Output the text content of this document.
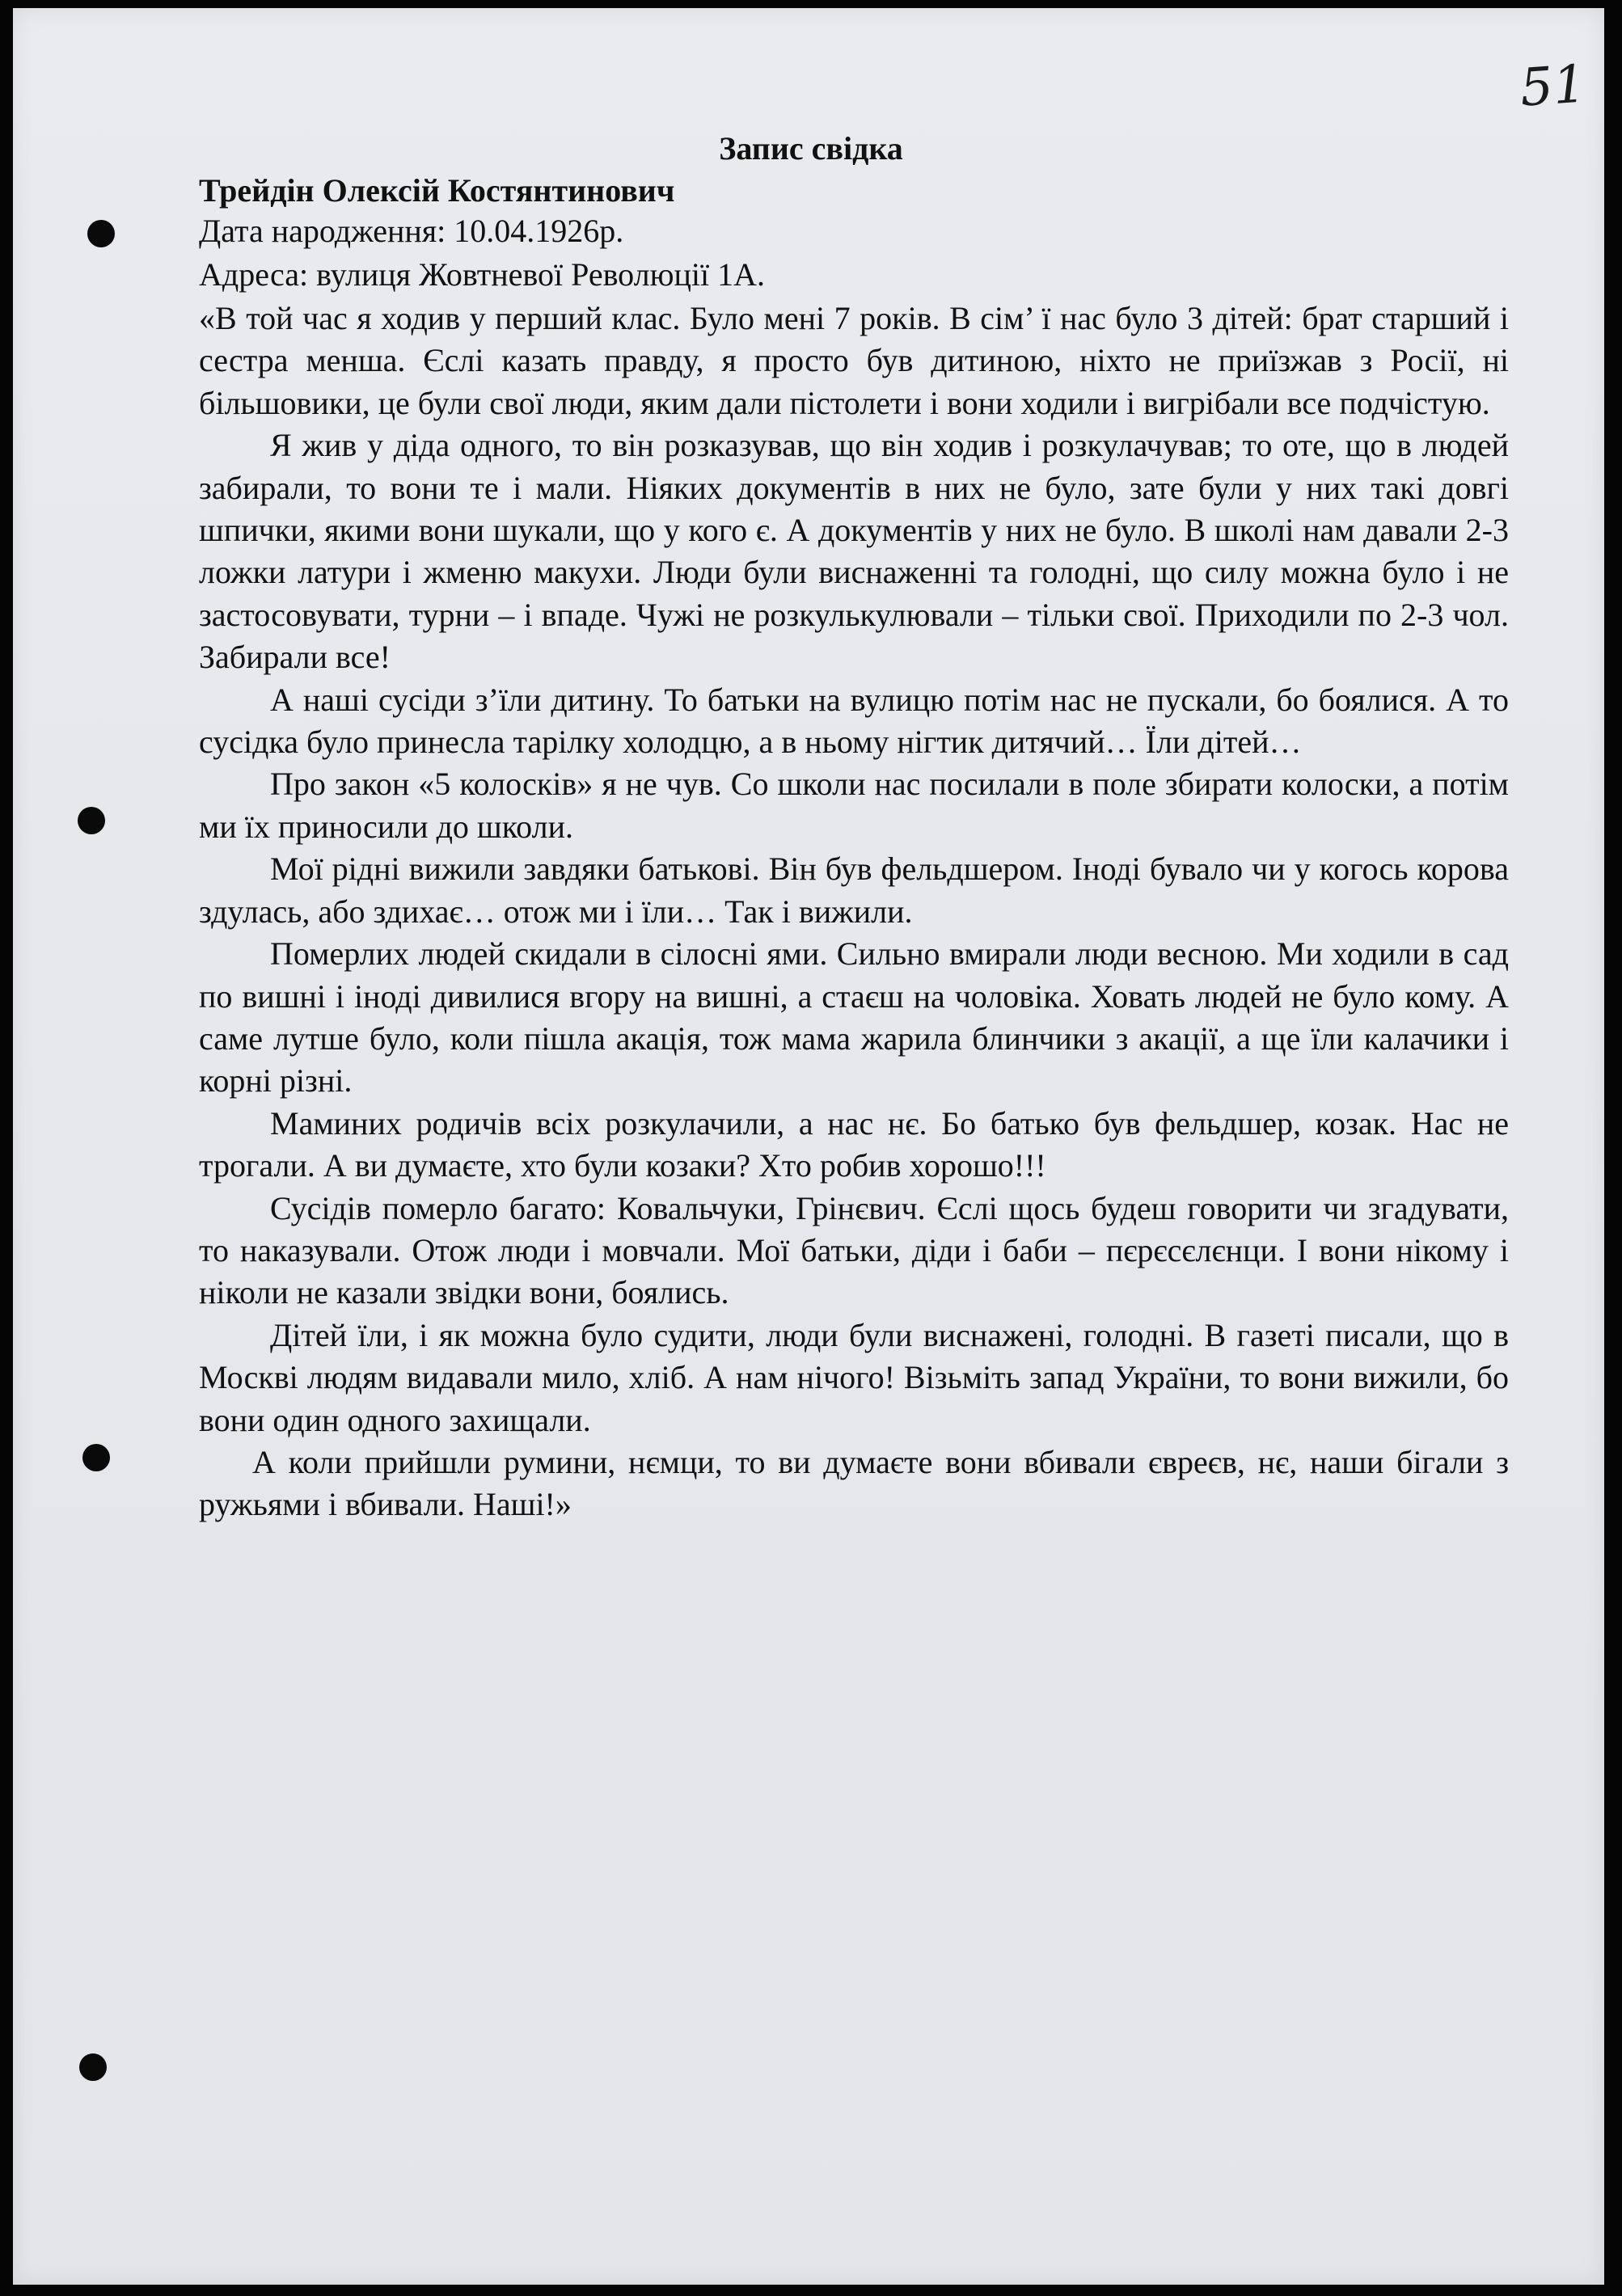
51
Запис свідка
Трейдін Олексій Костянтинович
Дата народження: 10.04.1926р.
Адреса: вулиця Жовтневої Революції 1А.

«В той час я ходив у перший клас. Було мені 7 років. В сім’ ї нас було 3 дітей: брат старший і сестра менша. Єслі казать правду, я просто був дитиною, ніхто не приїзжав з Росії, ні більшовики, це були свої люди, яким дали пістолети і вони ходили і вигрібали все подчістую.

Я жив у діда одного, то він розказував, що він ходив і розкулачував; то оте, що в людей забирали, то вони те і мали. Ніяких документів в них не було, зате були у них такі довгі шпички, якими вони шукали, що у кого є. А документів у них не було. В школі нам давали 2-3 ложки латури і жменю макухи. Люди були виснаженні та голодні, що силу можна було і не застосовувати, турни – і впаде. Чужі не розкулькулювали – тільки свої. Приходили по 2-3 чол. Забирали все!

А наші сусіди з’їли дитину. То батьки на вулицю потім нас не пускали, бо боялися. А то сусідка було принесла тарілку холодцю, а в ньому нігтик дитячий… Їли дітей…

Про закон «5 колосків» я не чув. Со школи нас посилали в поле збирати колоски, а потім ми їх приносили до школи.

Мої рідні вижили завдяки батькові. Він був фельдшером. Іноді бувало чи у когось корова здулась, або здихає… отож ми і їли… Так і вижили.

Померлих людей скидали в сілосні ями. Сильно вмирали люди весною. Ми ходили в сад по вишні і іноді дивилися вгору на вишні, а стаєш на чоловіка. Ховать людей не було кому. А саме лутше було, коли пішла акація, тож мама жарила блинчики з акації, а ще їли калачики і корні різні.

Маминих родичів всіх розкулачили, а нас нє. Бо батько був фельдшер, козак. Нас не трогали. А ви думаєте, хто були козаки? Хто робив хорошо!!!

Сусідів померло багато: Ковальчуки, Грінєвич. Єслі щось будеш говорити чи згадувати, то наказували. Отож люди і мовчали. Мої батьки, діди і баби – пєрєсєлєнци. І вони нікому і ніколи не казали звідки вони, боялись.

Дітей їли, і як можна було судити, люди були виснажені, голодні. В газеті писали, що в Москві людям видавали мило, хліб. А нам нічого! Візьміть запад України, то вони вижили, бо вони один одного захищали.

А коли прийшли румини, нємци, то ви думаєте вони вбивали євреєв, нє, наши бігали з ружьями і вбивали. Наші!»
